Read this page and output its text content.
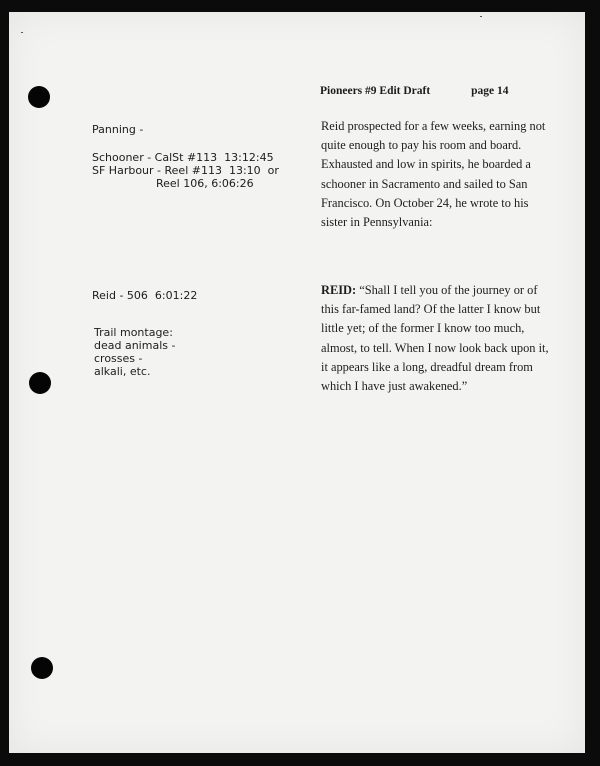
Pioneers #9 Edit Draft	page 14
Panning -
Schooner - CalSt #113  13:12:45
SF Harbour - Reel #113  13:10  or
Reel 106, 6:06:26
Reid - 506  6:01:22
Trail montage:
dead animals -
crosses -
alkali, etc.
Reid prospected for a few weeks, earning not quite enough to pay his room and board. Exhausted and low in spirits, he boarded a schooner in Sacramento and sailed to San Francisco. On October 24, he wrote to his sister in Pennsylvania:
REID: “Shall I tell you of the journey or of this far-famed land? Of the latter I know but little yet; of the former I know too much, almost, to tell. When I now look back upon it, it appears like a long, dreadful dream from which I have just awakened.”
